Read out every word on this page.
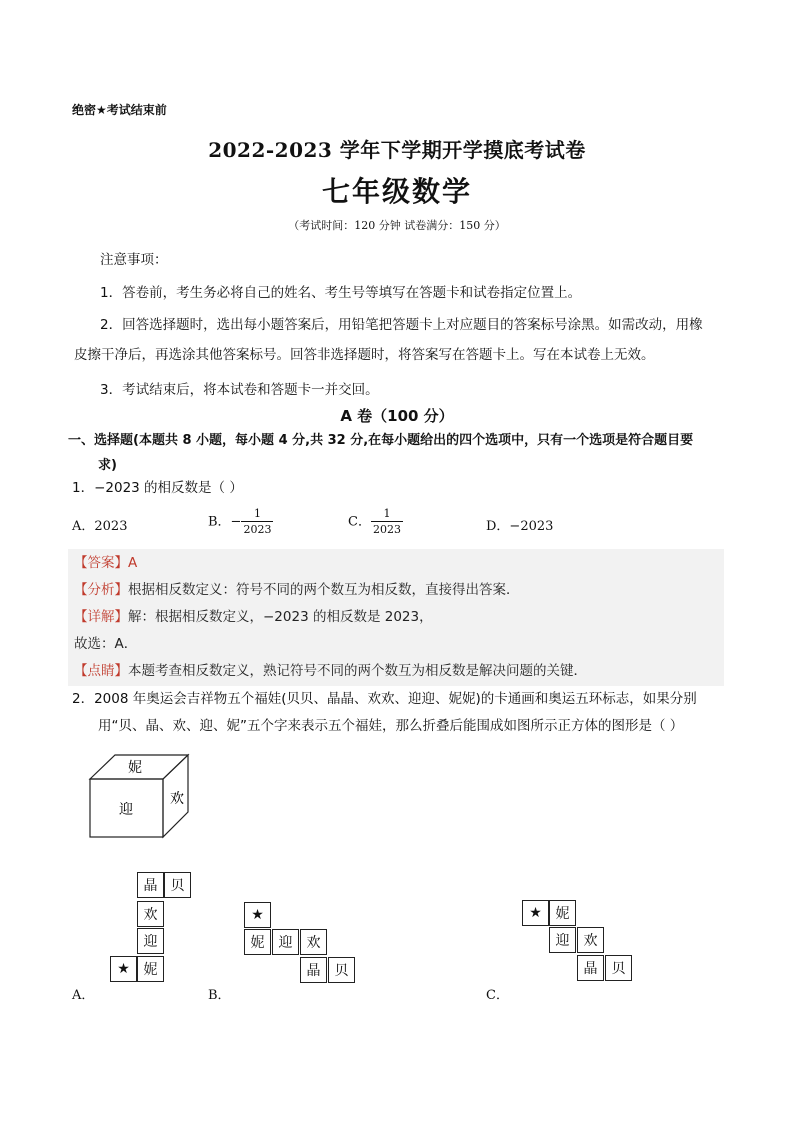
绝密★考试结束前
2022-2023 学年下学期开学摸底考试卷
七年级数学
（考试时间：120 分钟 试卷满分：150 分）
注意事项：
1．答卷前，考生务必将自己的姓名、考生号等填写在答题卡和试卷指定位置上。
2．回答选择题时，选出每小题答案后，用铅笔把答题卡上对应题目的答案标号涂黑。如需改动，用橡
皮擦干净后，再选涂其他答案标号。回答非选择题时，将答案写在答题卡上。写在本试卷上无效。
3．考试结束后，将本试卷和答题卡一并交回。
A 卷（100 分）
一、选择题(本题共 8 小题，每小题 4 分,共 32 分,在每小题给出的四个选项中，只有一个选项是符合题目要
求)
1．−2023 的相反数是（ ）
A．2023	B．− $\frac{1}{2023}$	C． $\frac{1}{2023}$	D．−2023
【答案】A
【分析】根据相反数定义：符号不同的两个数互为相反数，直接得出答案．
【详解】解：根据相反数定义，−2023 的相反数是 2023，
故选：A．
【点睛】本题考查相反数定义，熟记符号不同的两个数互为相反数是解决问题的关键．
2．2008 年奥运会吉祥物五个福娃(贝贝、晶晶、欢欢、迎迎、妮妮)的卡通画和奥运五环标志，如果分别
用“贝、晶、欢、迎、妮”五个字来表示五个福娃，那么折叠后能围成如图所示正方体的图形是（ ）
妮
迎
欢
晶 贝
欢
迎
★ 妮
A．
★
妮	迎	欢
晶	贝
B．
★ 妮
迎	欢
晶	贝
C．
